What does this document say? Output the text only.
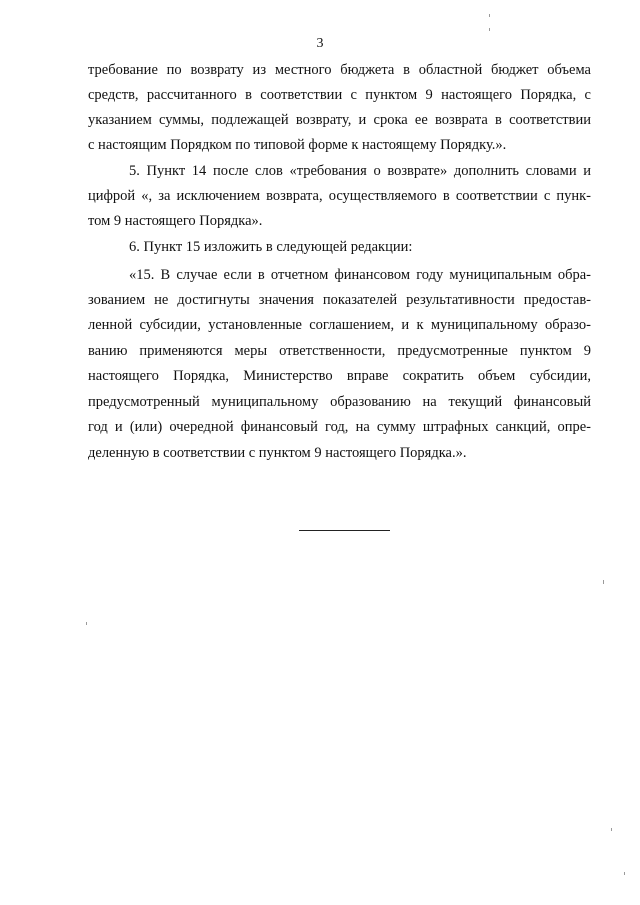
3
требование по возврату из местного бюджета в областной бюджет объема
средств, рассчитанного в соответствии с пунктом 9 настоящего Порядка, с
указанием суммы, подлежащей возврату, и срока ее возврата в соответствии
с настоящим Порядком по типовой форме к настоящему Порядку.».
5. Пункт 14 после слов «требования о возврате» дополнить словами и
цифрой «, за исключением возврата, осуществляемого в соответствии с пунк-
том 9 настоящего Порядка».
6. Пункт 15 изложить в следующей редакции:
«15. В случае если в отчетном финансовом году муниципальным обра-
зованием не достигнуты значения показателей результативности предостав-
ленной субсидии, установленные соглашением, и к муниципальному образо-
ванию применяются меры ответственности, предусмотренные пунктом 9
настоящего Порядка, Министерство вправе сократить объем субсидии,
предусмотренный муниципальному образованию на текущий финансовый
год и (или) очередной финансовый год, на сумму штрафных санкций, опре-
деленную в соответствии с пунктом 9 настоящего Порядка.».
